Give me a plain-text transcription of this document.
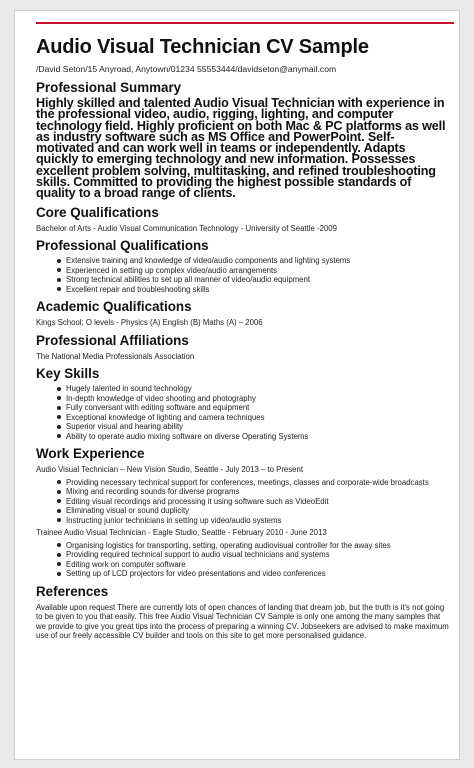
Audio Visual Technician CV Sample
/David Seton/15 Anyroad, Anytown/01234 55553444/davidseton@anymail.com
Professional Summary
Highly skilled and talented Audio Visual Technician with experience in the professional video, audio, rigging, lighting, and computer technology field. Highly proficient on both Mac & PC platforms as well as industry software such as MS Office and PowerPoint. Self-motivated and can work well in teams or independently. Adapts quickly to emerging technology and new information. Possesses excellent problem solving, multitasking, and refined troubleshooting skills. Committed to providing the highest possible standards of quality to a broad range of clients.
Core Qualifications

Bachelor of Arts - Audio Visual Communication Technology - University of Seattle -2009

Professional Qualifications
Extensive training and knowledge of video/audio components and lighting systems
Experienced in setting up complex video/audio arrangements
Strong technical abilities to set up all manner of video/audio equipment
Excellent repair and troubleshooting skills
Academic Qualifications

Kings School; O levels - Physics (A) English (B) Maths (A) – 2006

Professional Affiliations

The National Media Professionals Association

Key Skills
Hugely talented in sound technology
In-depth knowledge of video shooting and photography
Fully conversant with editing software and equipment
Exceptional knowledge of lighting and camera techniques
Superior visual and hearing ability
Ability to operate audio mixing software on diverse Operating Systems
Work Experience

Audio Visual Technician – New Vision Studio, Seattle - July 2013 – to Present

Providing necessary technical support for conferences, meetings, classes and corporate-wide broadcasts
Mixing and recording sounds for diverse programs
Editing visual recordings and processing it using software such as VideoEdit
Eliminating visual or sound duplicity
Instructing junior technicians in setting up video/audio systems

Trainee Audio Visual Technician - Eagle Studio, Seattle - February 2010 - June 2013

Organising logistics for transporting, setting, operating audiovisual controller for the away sites
Providing required technical support to audio visual technicians and systems
Editing work on computer software
Setting up of LCD projectors for video presentations and video conferences
References

Available upon request There are currently lots of open chances of landing that dream job, but the truth is it's not going to be given to you that easily. This free Audio Visual Technician CV Sample is only one among the many samples that we provide to give you great tips into the process of preparing a winning CV. Jobseekers are advised to make maximum use of our freely accessible CV builder and tools on this site to get more personalised guidance.
